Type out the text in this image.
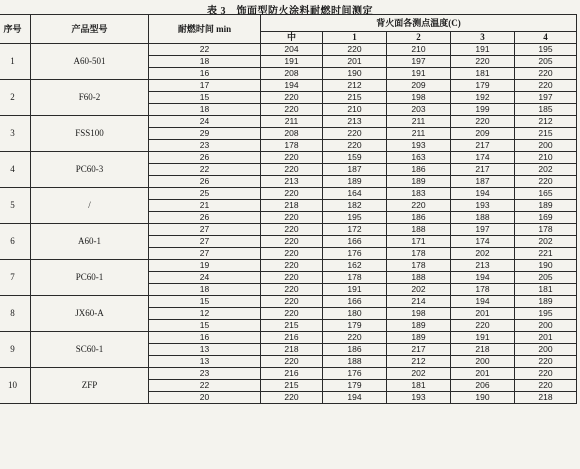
表 3　饰面型防火涂料耐燃时间测定
序号	产品型号	耐燃时间 min	背火面各测点温度(C)				
			中	1	2	3	4
1	A60-501	22	204	220	210	191	195
		18	191	201	197	220	205
		16	208	190	191	181	220
2	F60-2	17	194	212	209	179	220
		15	220	215	198	192	197
		18	220	210	203	199	185
3	FSS100	24	211	213	211	220	212
		29	208	220	211	209	215
		23	178	220	193	217	200
4	PC60-3	26	220	159	163	174	210
		22	220	187	186	217	202
		26	213	189	189	187	220
5	/	25	220	164	183	194	165
		21	218	182	220	193	189
		26	220	195	186	188	169
6	A60-1	27	220	172	188	197	178
		27	220	166	171	174	202
		27	220	176	178	202	221
7	PC60-1	19	220	162	178	213	190
		24	220	178	188	194	205
		18	220	191	202	178	181
8	JX60-A	15	220	166	214	194	189
		12	220	180	198	201	195
		15	215	179	189	220	200
9	SC60-1	16	216	220	189	191	201
		13	218	186	217	218	200
		13	220	188	212	200	220
10	ZFP	23	216	176	202	201	220
		22	215	179	181	206	220
		20	220	194	193	190	218
